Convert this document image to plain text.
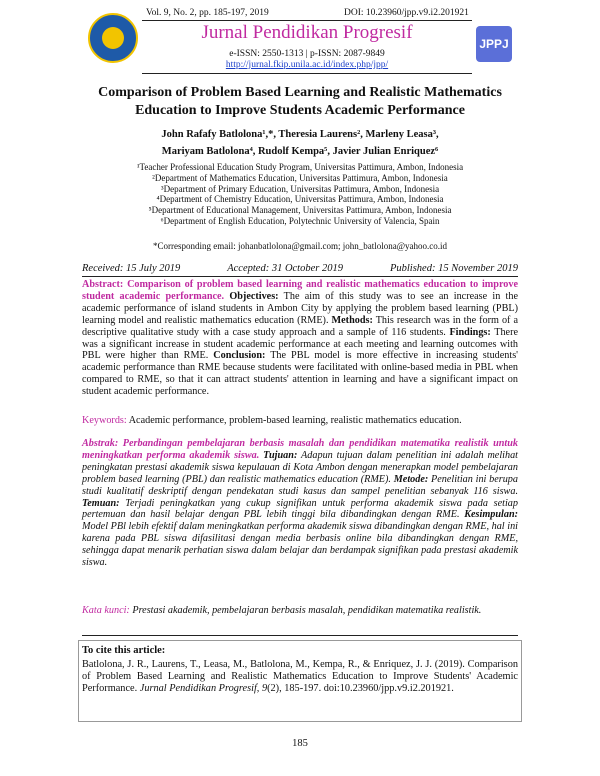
Vol. 9, No. 2, pp. 185-197, 2019	DOI: 10.23960/jpp.v9.i2.201921
Jurnal Pendidikan Progresif
e-ISSN: 2550-1313 | p-ISSN: 2087-9849
http://jurnal.fkip.unila.ac.id/index.php/jpp/
JPPJ
Comparison of Problem Based Learning and Realistic Mathematics Education to Improve Students Academic Performance
John Rafafy Batlolona¹,*, Theresia Laurens², Marleny Leasa³,
Mariyam Batlolona⁴, Rudolf Kempa⁵, Javier Julian Enriquez⁶
¹Teacher Professional Education Study Program, Universitas Pattimura, Ambon, Indonesia
²Department of Mathematics Education, Universitas Pattimura, Ambon, Indonesia
³Department of Primary Education, Universitas Pattimura, Ambon, Indonesia
⁴Department of Chemistry Education, Universitas Pattimura, Ambon, Indonesia
⁵Department of Educational Management, Universitas Pattimura, Ambon, Indonesia
⁶Department of English Education, Polytechnic University of Valencia, Spain
*Corresponding email: johanbatlolona@gmail.com; john_batlolona@yahoo.co.id
Received: 15 July 2019	Accepted: 31 October 2019	Published: 15 November 2019
Abstract: Comparison of problem based learning and realistic mathematics education to improve student academic performance. Objectives: The aim of this study was to see an increase in the academic performance of island students in Ambon City by applying the problem based learning (PBL) learning model and realistic mathematics education (RME). Methods: This research was in the form of a descriptive qualitative study with a case study approach and a sample of 116 students. Findings: There was a significant increase in student academic performance at each meeting and learning outcomes with PBL were higher than RME. Conclusion: The PBL model is more effective in increasing students' academic performance than RME because students were facilitated with online-based media in PBL when compared to RME, so that it can attract students' attention in learning and have a significant impact on student academic performance.
Keywords: Academic performance, problem-based learning, realistic mathematics education.
Abstrak: Perbandingan pembelajaran berbasis masalah dan pendidikan matematika realistik untuk meningkatkan performa akademik siswa. Tujuan: Adapun tujuan dalam penelitian ini adalah melihat peningkatan prestasi akademik siswa kepulauan di Kota Ambon dengan menerapkan model pembelajaran problem based learning (PBL) dan realistic mathematics education (RME). Metode: Penelitian ini berupa studi kualitatif deskriptif dengan pendekatan studi kasus dan sampel penelitian sebanyak 116 siswa. Temuan: Terjadi peningkatkan yang cukup signifikan untuk performa akademik siswa pada setiap pertemuan dan hasil belajar dengan PBL lebih tinggi bila dibandingkan dengan RME. Kesimpulan: Model PBl lebih efektif dalam meningkatkan performa akademik siswa dibandingkan dengan RME, hal ini karena pada PBL siswa difasilitasi dengan media berbasis online bila dibandingkan dengan RME, sehingga dapat menarik perhatian siswa dalam belajar dan berdampak signifikan pada prestasi akademik siswa.
Kata kunci: Prestasi akademik, pembelajaran berbasis masalah, pendidikan matematika realistik.
To cite this article:
Batlolona, J. R., Laurens, T., Leasa, M., Batlolona, M., Kempa, R., & Enriquez, J. J. (2019). Comparison of Problem Based Learning and Realistic Mathematics Education to Improve Students' Academic Performance. Jurnal Pendidikan Progresif, 9(2), 185-197. doi:10.23960/jpp.v9.i2.201921.
185
